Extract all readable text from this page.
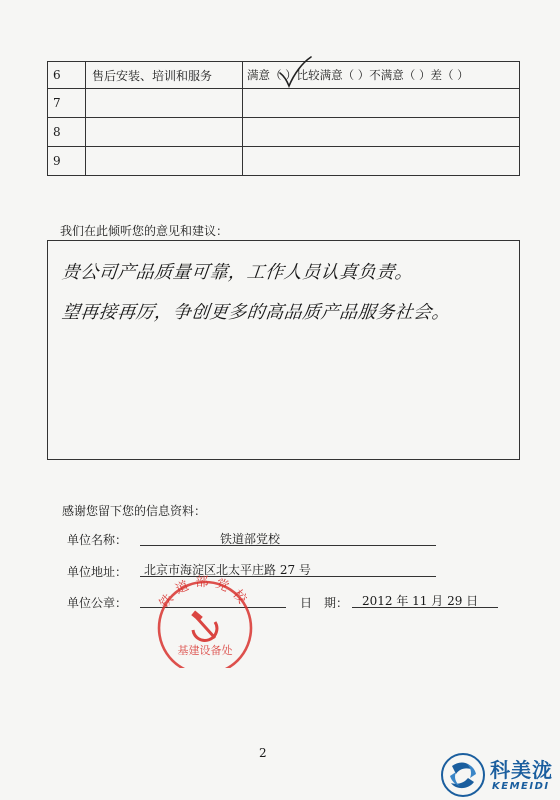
6	售后安装、培训和服务	满意（ ）比较满意（ ）不满意（ ）差（ ）
7		
8		
9		
我们在此倾听您的意见和建议：
贵公司产品质量可靠，工作人员认真负责。
望再接再厉，争创更多的高品质产品服务社会。
感谢您留下您的信息资料：
单位名称：	铁道部党校
单位地址： 北京市海淀区北太平庄路 27 号
单位公章：	日　期： 2012 年 11 月 29 日
铁道部党校
基建设备处
2
科美泷
KEMEIDI
